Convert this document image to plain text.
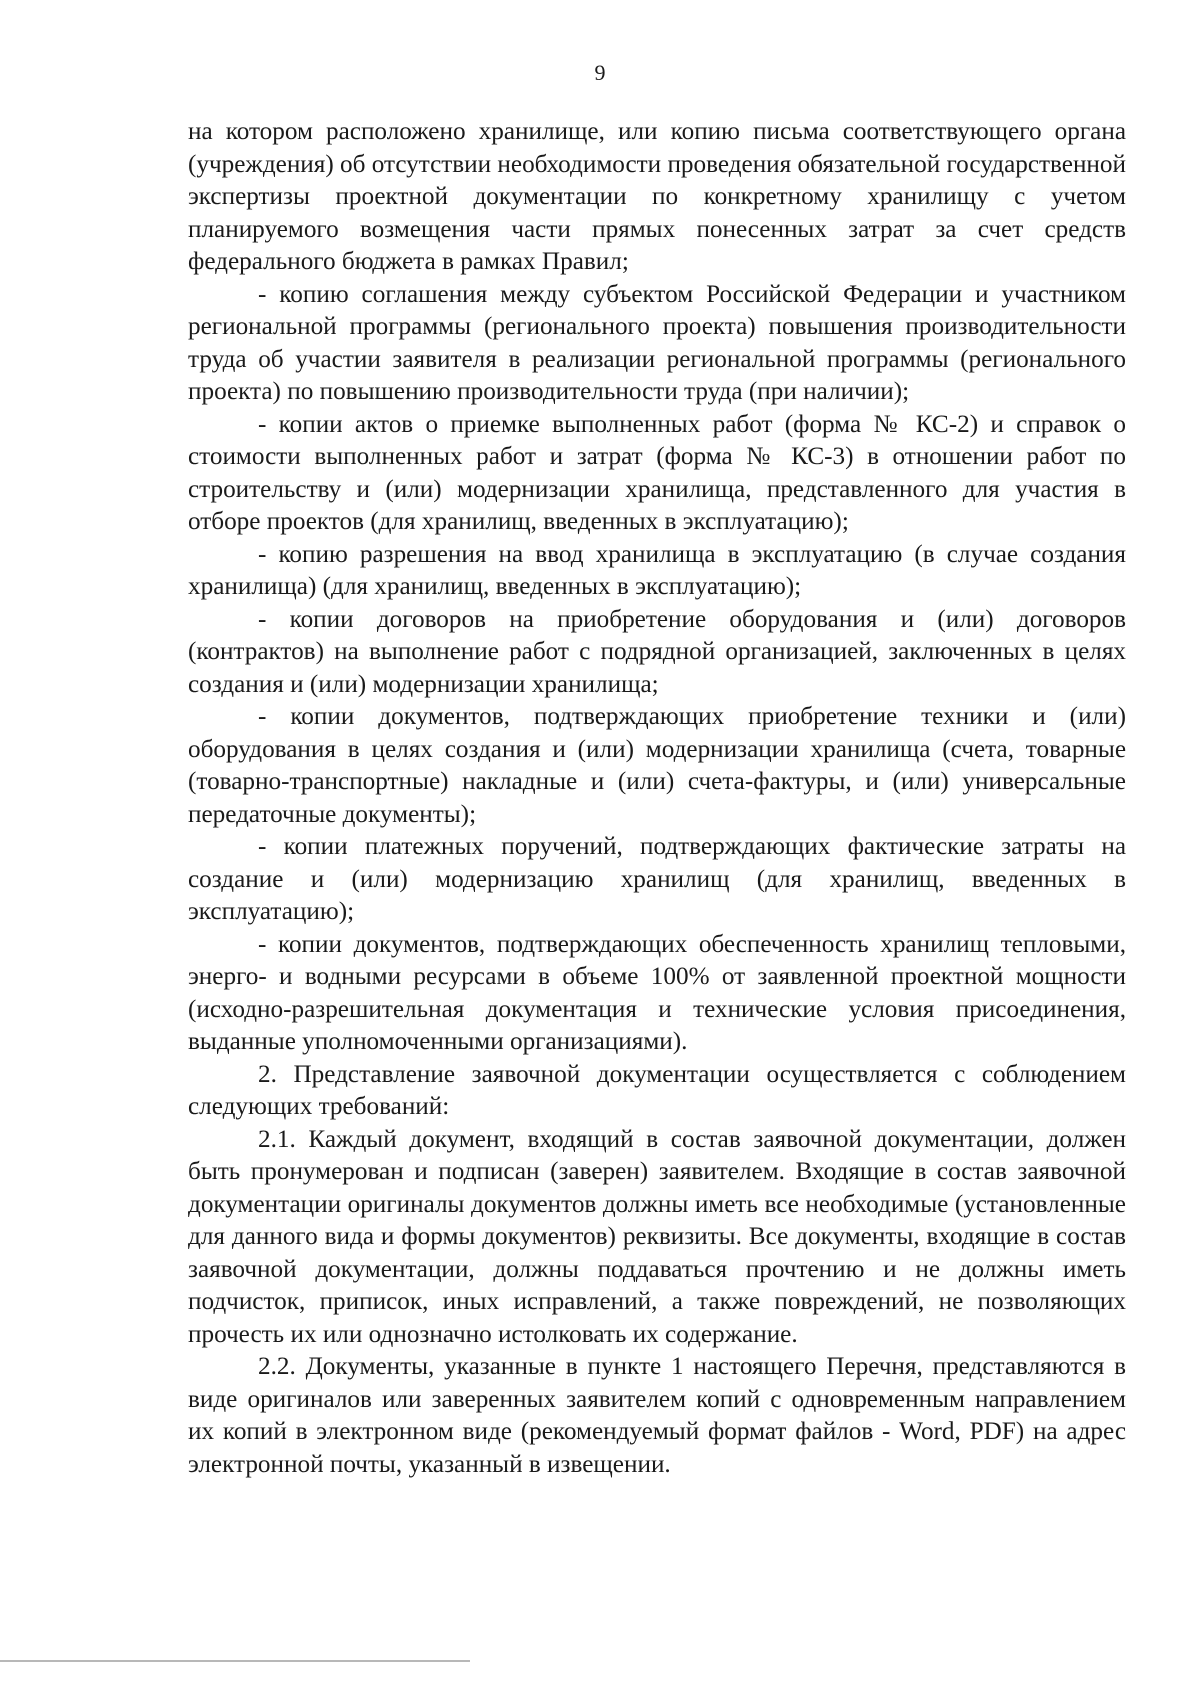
9

на котором расположено хранилище, или копию письма соответствующего органа (учреждения) об отсутствии необходимости проведения обязательной государственной экспертизы проектной документации по конкретному хранилищу с учетом планируемого возмещения части прямых понесенных затрат за счет средств федерального бюджета в рамках Правил;

- копию соглашения между субъектом Российской Федерации и участником региональной программы (регионального проекта) повышения производительности труда об участии заявителя в реализации региональной программы (регионального проекта) по повышению производительности труда (при наличии);

- копии актов о приемке выполненных работ (форма № КС-2) и справок о стоимости выполненных работ и затрат (форма № КС-3) в отношении работ по строительству и (или) модернизации хранилища, представленного для участия в отборе проектов (для хранилищ, введенных в эксплуатацию);

- копию разрешения на ввод хранилища в эксплуатацию (в случае создания хранилища) (для хранилищ, введенных в эксплуатацию);

- копии договоров на приобретение оборудования и (или) договоров (контрактов) на выполнение работ с подрядной организацией, заключенных в целях создания и (или) модернизации хранилища;

- копии документов, подтверждающих приобретение техники и (или) оборудования в целях создания и (или) модернизации хранилища (счета, товарные (товарно-транспортные) накладные и (или) счета-фактуры, и (или) универсальные передаточные документы);

- копии платежных поручений, подтверждающих фактические затраты на создание и (или) модернизацию хранилищ (для хранилищ, введенных в эксплуатацию);

- копии документов, подтверждающих обеспеченность хранилищ тепловыми, энерго- и водными ресурсами в объеме 100% от заявленной проектной мощности (исходно-разрешительная документация и технические условия присоединения, выданные уполномоченными организациями).

2. Представление заявочной документации осуществляется с соблюдением следующих требований:

2.1. Каждый документ, входящий в состав заявочной документации, должен быть пронумерован и подписан (заверен) заявителем. Входящие в состав заявочной документации оригиналы документов должны иметь все необходимые (установленные для данного вида и формы документов) реквизиты. Все документы, входящие в состав заявочной документации, должны поддаваться прочтению и не должны иметь подчисток, приписок, иных исправлений, а также повреждений, не позволяющих прочесть их или однозначно истолковать их содержание.

2.2. Документы, указанные в пункте 1 настоящего Перечня, представляются в виде оригиналов или заверенных заявителем копий с одновременным направлением их копий в электронном виде (рекомендуемый формат файлов - Word, PDF) на адрес электронной почты, указанный в извещении.
